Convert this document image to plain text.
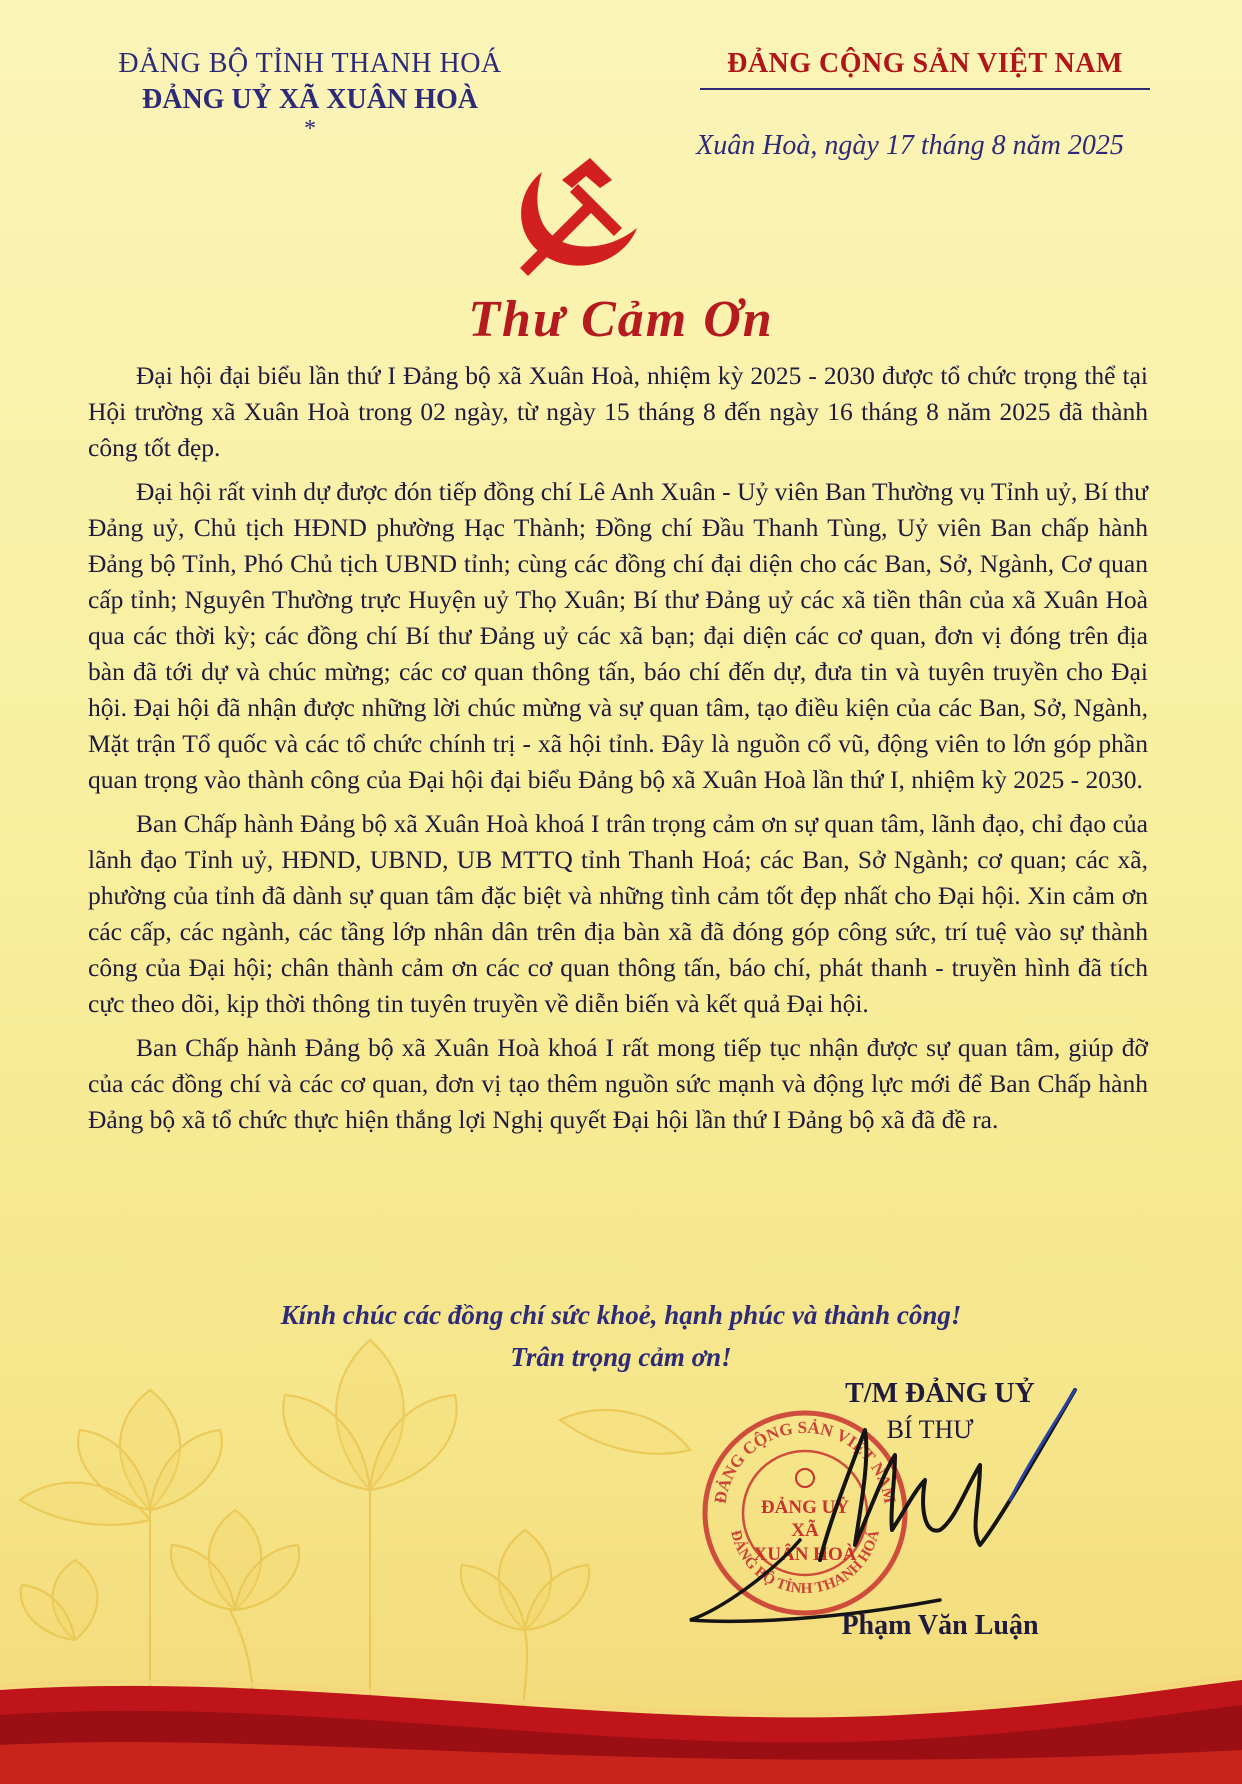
ĐẢNG BỘ TỈNH THANH HOÁ
ĐẢNG UỶ XÃ XUÂN HOÀ
*
ĐẢNG CỘNG SẢN VIỆT NAM
Xuân Hoà, ngày 17 tháng 8 năm 2025
Thư Cảm Ơn

Đại hội đại biểu lần thứ I Đảng bộ xã Xuân Hoà, nhiệm kỳ 2025 - 2030 được tổ chức trọng thể tại Hội trường xã Xuân Hoà trong 02 ngày, từ ngày 15 tháng 8 đến ngày 16 tháng 8 năm 2025 đã thành công tốt đẹp.

Đại hội rất vinh dự được đón tiếp đồng chí Lê Anh Xuân - Uỷ viên Ban Thường vụ Tỉnh uỷ, Bí thư Đảng uỷ, Chủ tịch HĐND phường Hạc Thành; Đồng chí Đầu Thanh Tùng, Uỷ viên Ban chấp hành Đảng bộ Tỉnh, Phó Chủ tịch UBND tỉnh; cùng các đồng chí đại diện cho các Ban, Sở, Ngành, Cơ quan cấp tỉnh; Nguyên Thường trực Huyện uỷ Thọ Xuân; Bí thư Đảng uỷ các xã tiền thân của xã Xuân Hoà qua các thời kỳ; các đồng chí Bí thư Đảng uỷ các xã bạn; đại diện các cơ quan, đơn vị đóng trên địa bàn đã tới dự và chúc mừng; các cơ quan thông tấn, báo chí đến dự, đưa tin và tuyên truyền cho Đại hội. Đại hội đã nhận được những lời chúc mừng và sự quan tâm, tạo điều kiện của các Ban, Sở, Ngành, Mặt trận Tổ quốc và các tổ chức chính trị - xã hội tỉnh. Đây là nguồn cổ vũ, động viên to lớn góp phần quan trọng vào thành công của Đại hội đại biểu Đảng bộ xã Xuân Hoà lần thứ I, nhiệm kỳ 2025 - 2030.

Ban Chấp hành Đảng bộ xã Xuân Hoà khoá I trân trọng cảm ơn sự quan tâm, lãnh đạo, chỉ đạo của lãnh đạo Tỉnh uỷ, HĐND, UBND, UB MTTQ tỉnh Thanh Hoá; các Ban, Sở Ngành; cơ quan; các xã, phường của tỉnh đã dành sự quan tâm đặc biệt và những tình cảm tốt đẹp nhất cho Đại hội. Xin cảm ơn các cấp, các ngành, các tầng lớp nhân dân trên địa bàn xã đã đóng góp công sức, trí tuệ vào sự thành công của Đại hội; chân thành cảm ơn các cơ quan thông tấn, báo chí, phát thanh - truyền hình đã tích cực theo dõi, kịp thời thông tin tuyên truyền về diễn biến và kết quả Đại hội.

Ban Chấp hành Đảng bộ xã Xuân Hoà khoá I rất mong tiếp tục nhận được sự quan tâm, giúp đỡ của các đồng chí và các cơ quan, đơn vị tạo thêm nguồn sức mạnh và động lực mới để Ban Chấp hành Đảng bộ xã tổ chức thực hiện thắng lợi Nghị quyết Đại hội lần thứ I Đảng bộ xã đã đề ra.

Kính chúc các đồng chí sức khoẻ, hạnh phúc và thành công!
Trân trọng cảm ơn!
ĐẢNG CỘNG SẢN VIỆT NAM
ĐẢNG BỘ TỈNH THANH HOÁ
ĐẢNG UỶ
XÃ
XUÂN HOÀ
T/M ĐẢNG UỶ
BÍ THƯ
Phạm Văn Luận
